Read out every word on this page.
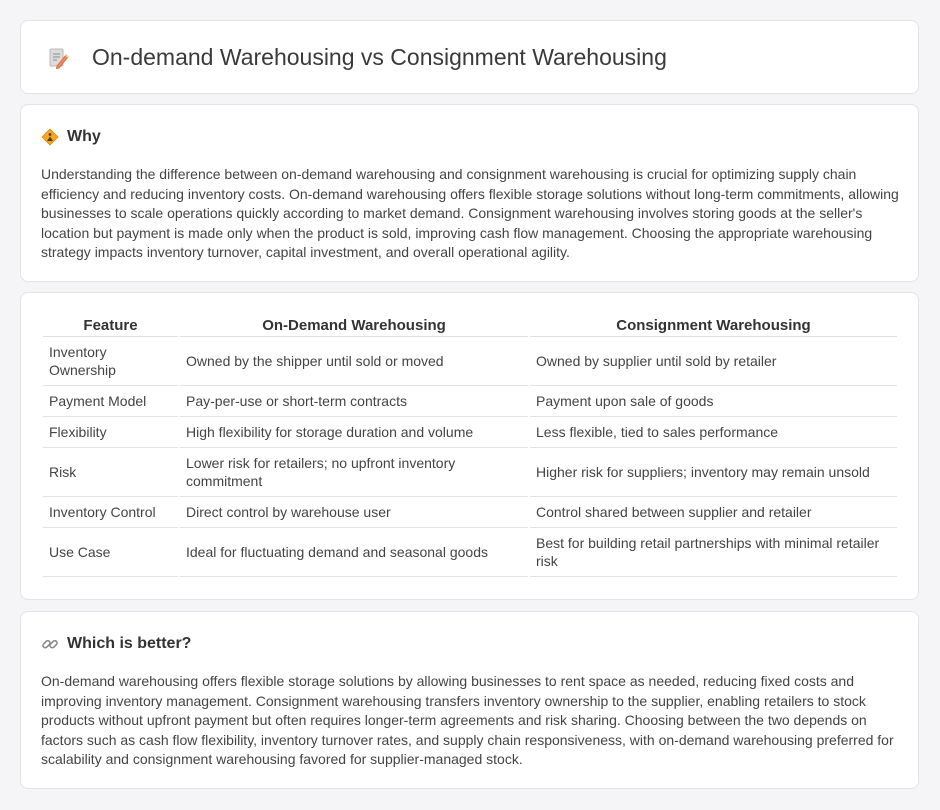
On-demand Warehousing vs Consignment Warehousing
Why

Understanding the difference between on-demand warehousing and consignment warehousing is crucial for optimizing supply chain efficiency and reducing inventory costs. On-demand warehousing offers flexible storage solutions without long-term commitments, allowing businesses to scale operations quickly according to market demand. Consignment warehousing involves storing goods at the seller's location but payment is made only when the product is sold, improving cash flow management. Choosing the appropriate warehousing strategy impacts inventory turnover, capital investment, and overall operational agility.

Feature	On-Demand Warehousing	Consignment Warehousing
Inventory Ownership	Owned by the shipper until sold or moved	Owned by supplier until sold by retailer
Payment Model	Pay-per-use or short-term contracts	Payment upon sale of goods
Flexibility	High flexibility for storage duration and volume	Less flexible, tied to sales performance
Risk	Lower risk for retailers; no upfront inventory commitment	Higher risk for suppliers; inventory may remain unsold
Inventory Control	Direct control by warehouse user	Control shared between supplier and retailer
Use Case	Ideal for fluctuating demand and seasonal goods	Best for building retail partnerships with minimal retailer risk
Which is better?

On-demand warehousing offers flexible storage solutions by allowing businesses to rent space as needed, reducing fixed costs and improving inventory management. Consignment warehousing transfers inventory ownership to the supplier, enabling retailers to stock products without upfront payment but often requires longer-term agreements and risk sharing. Choosing between the two depends on factors such as cash flow flexibility, inventory turnover rates, and supply chain responsiveness, with on-demand warehousing preferred for scalability and consignment warehousing favored for supplier-managed stock.
